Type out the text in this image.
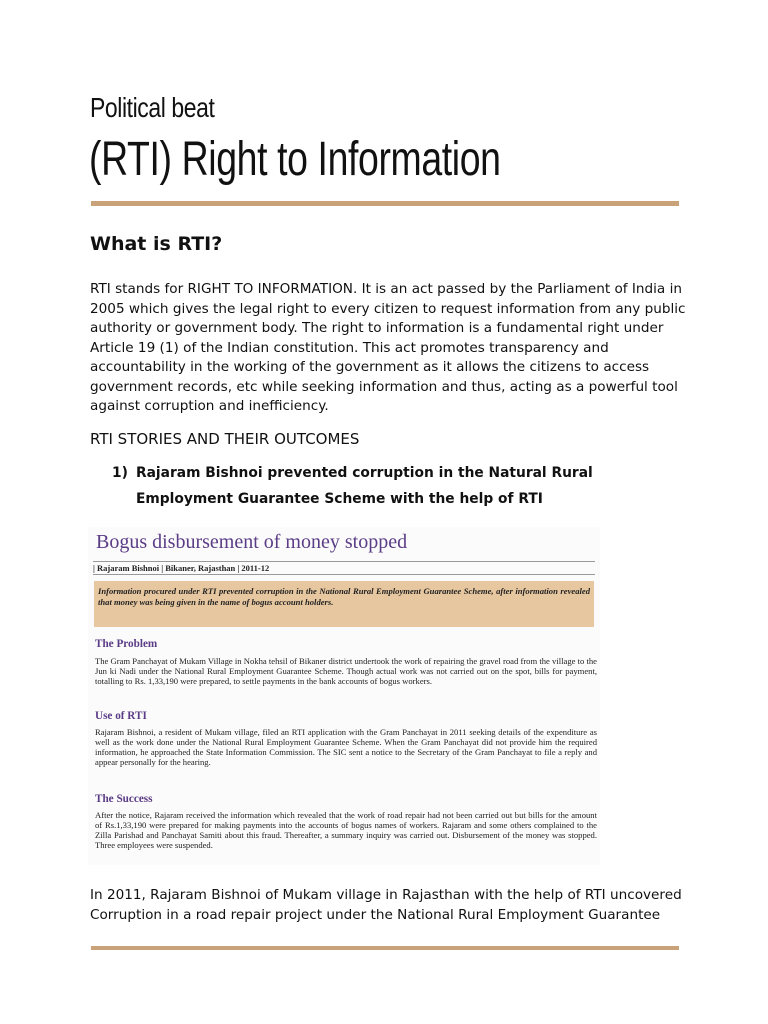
Political beat
(RTI) Right to Information
What is RTI?

RTI stands for RIGHT TO INFORMATION. It is an act passed by the Parliament of India in 2005 which gives the legal right to every citizen to request information from any public authority or government body. The right to information is a fundamental right under Article 19 (1) of the Indian constitution. This act promotes transparency and accountability in the working of the government as it allows the citizens to access government records, etc while seeking information and thus, acting as a powerful tool against corruption and inefficiency.

RTI STORIES AND THEIR OUTCOMES
1) Rajaram Bishnoi prevented corruption in the Natural Rural Employment Guarantee Scheme with the help of RTI
Bogus disbursement of money stopped
| Rajaram Bishnoi | Bikaner, Rajasthan | 2011-12
Information procured under RTI prevented corruption in the National Rural Employment Guarantee Scheme, after information revealed that money was being given in the name of bogus account holders.
The Problem

The Gram Panchayat of Mukam Village in Nokha tehsil of Bikaner district undertook the work of repairing the gravel road from the village to the Jun ki Nadi under the National Rural Employment Guarantee Scheme. Though actual work was not carried out on the spot, bills for payment, totalling to Rs. 1,33,190 were prepared, to settle payments in the bank accounts of bogus workers.

Use of RTI

Rajaram Bishnoi, a resident of Mukam village, filed an RTI application with the Gram Panchayat in 2011 seeking details of the expenditure as well as the work done under the National Rural Employment Guarantee Scheme. When the Gram Panchayat did not provide him the required information, he approached the State Information Commission. The SIC sent a notice to the Secretary of the Gram Panchayat to file a reply and appear personally for the hearing.

The Success

After the notice, Rajaram received the information which revealed that the work of road repair had not been carried out but bills for the amount of Rs.1,33,190 were prepared for making payments into the accounts of bogus names of workers. Rajaram and some others complained to the Zilla Parishad and Panchayat Samiti about this fraud. Thereafter, a summary inquiry was carried out. Disbursement of the money was stopped. Three employees were suspended.

In 2011, Rajaram Bishnoi of Mukam village in Rajasthan with the help of RTI uncovered Corruption in a road repair project under the National Rural Employment Guarantee
